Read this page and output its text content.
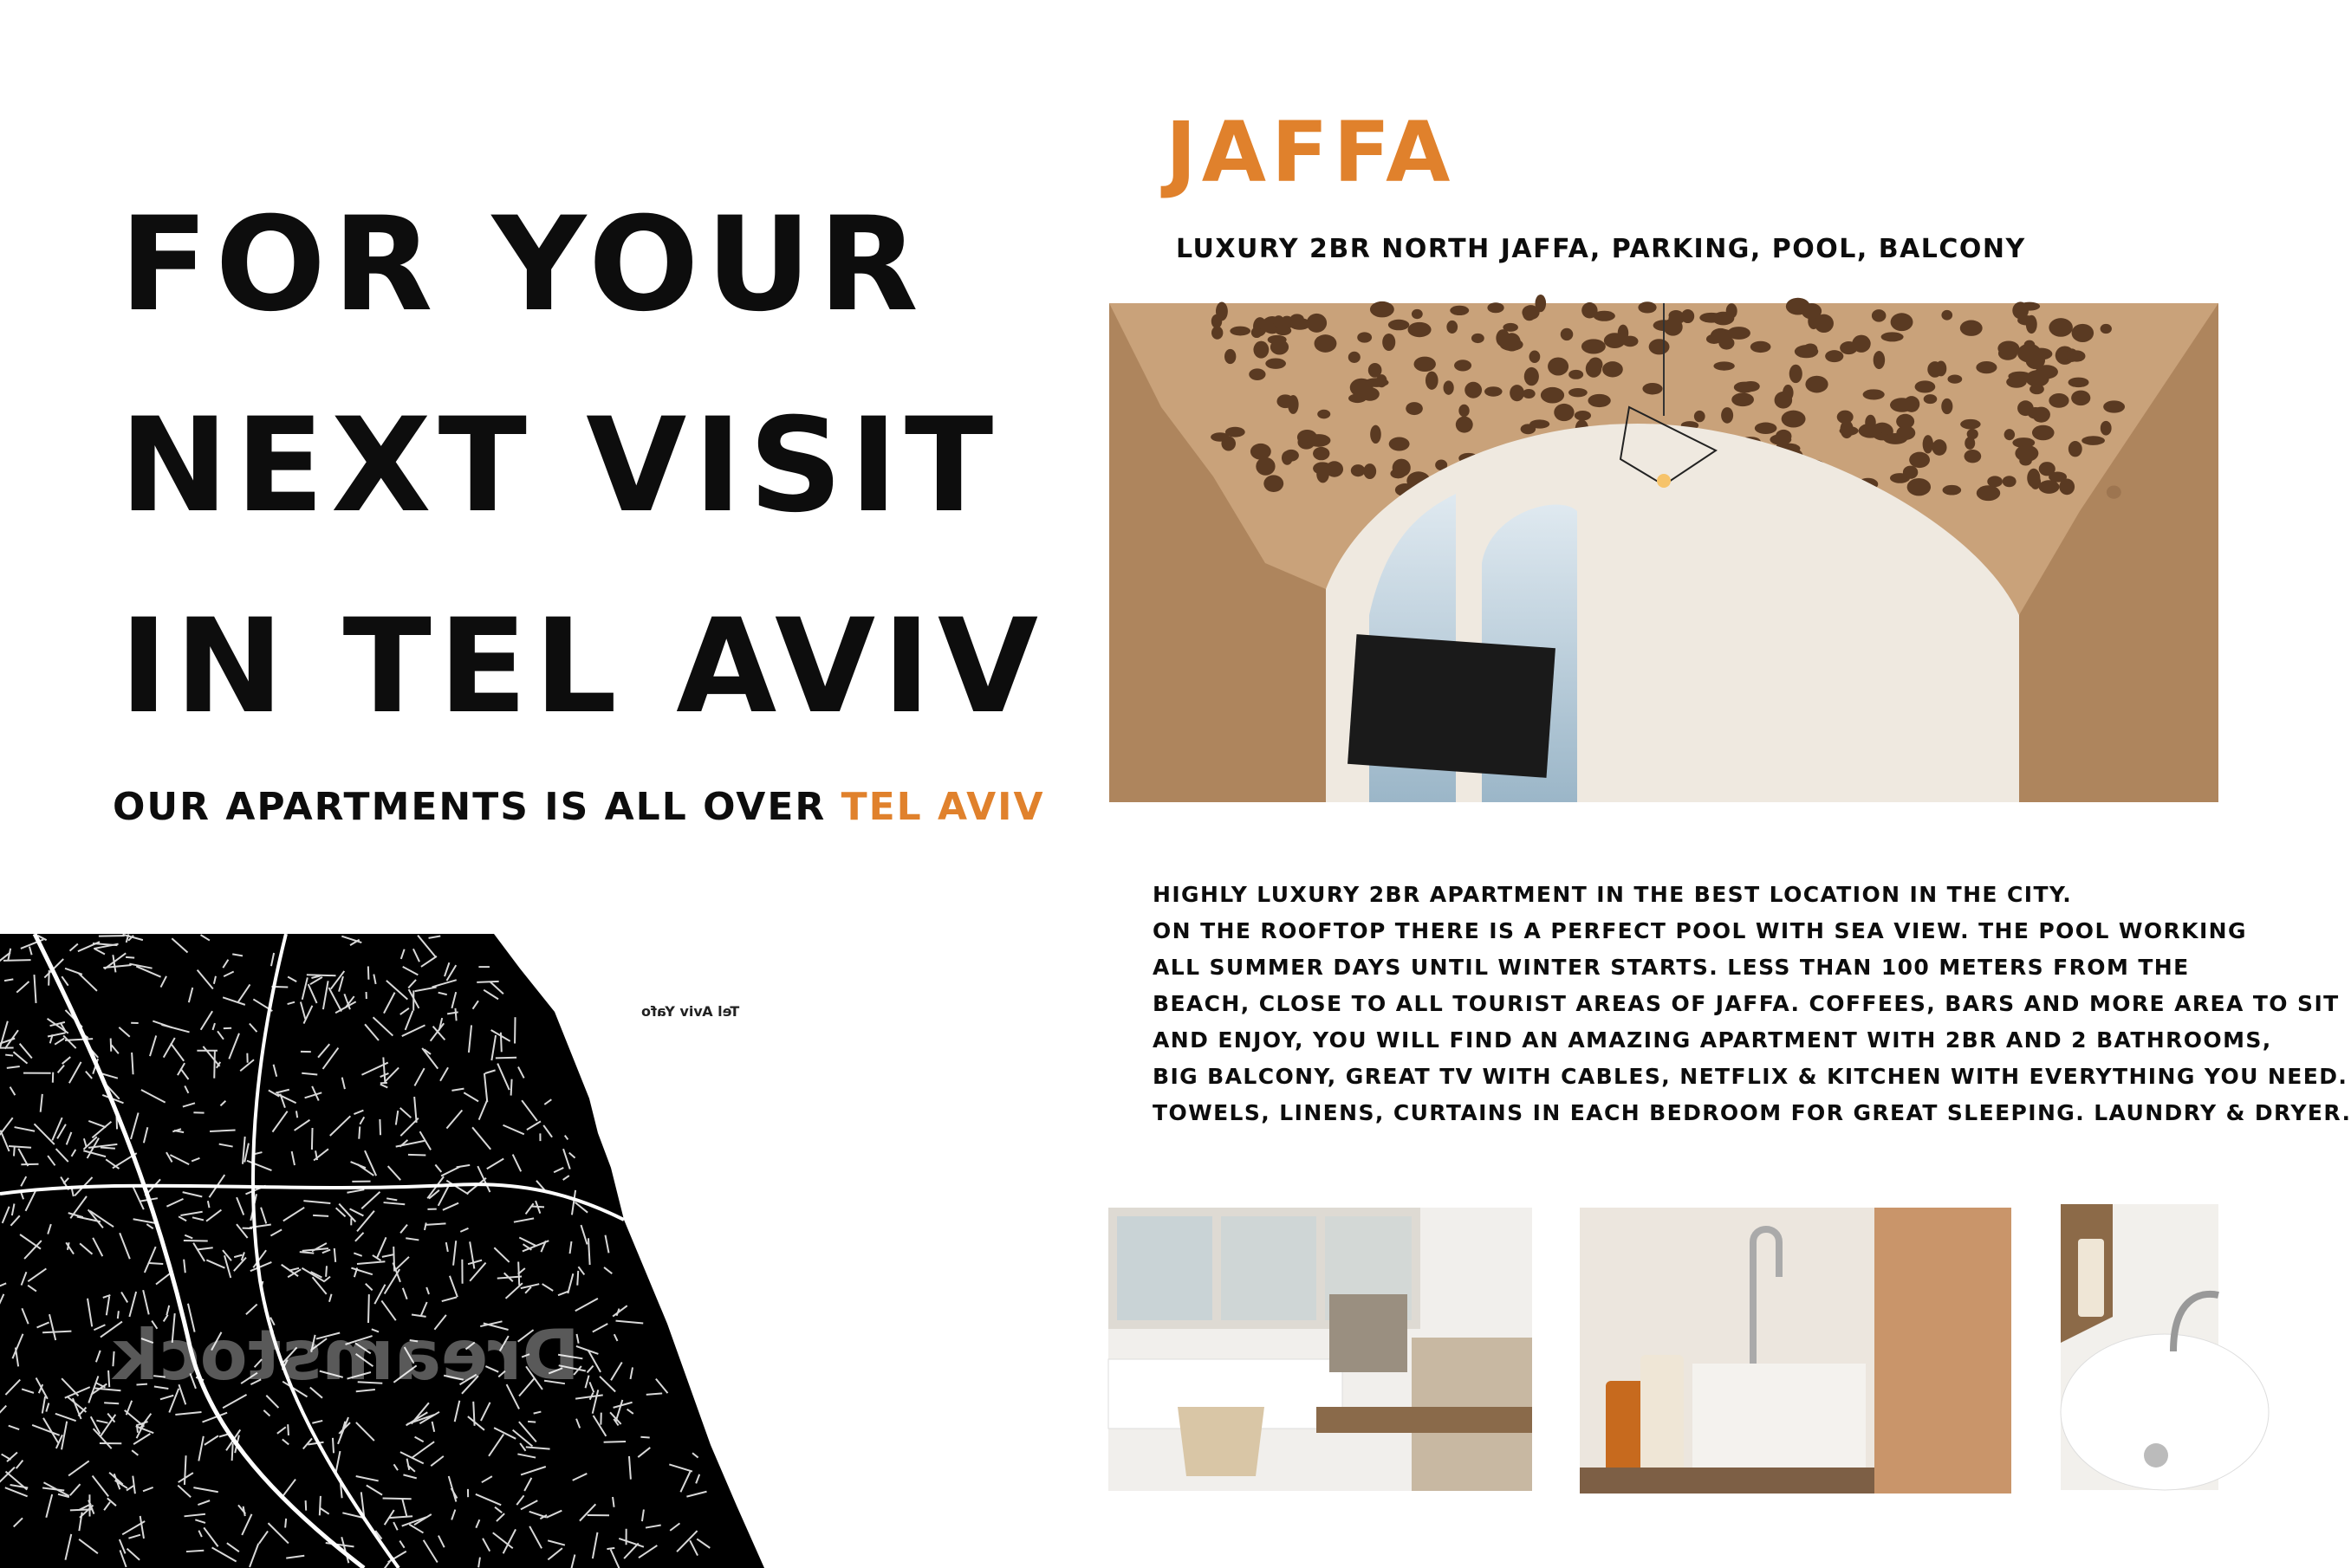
FOR YOUR
NEXT VISIT
IN TEL AVIV
OUR APARTMENTS IS ALL OVER TEL AVIV
Tel Aviv Yafo
Dreamstock
JAFFA
LUXURY 2BR NORTH JAFFA, PARKING, POOL, BALCONY
HIGHLY LUXURY 2BR APARTMENT IN THE BEST LOCATION IN THE CITY.
ON THE ROOFTOP THERE IS A PERFECT POOL WITH SEA VIEW. THE POOL WORKING
ALL SUMMER DAYS UNTIL WINTER STARTS. LESS THAN 100 METERS FROM THE
BEACH, CLOSE TO ALL TOURIST AREAS OF JAFFA. COFFEES, BARS AND MORE AREA TO SIT
AND ENJOY, YOU WILL FIND AN AMAZING APARTMENT WITH 2BR AND 2 BATHROOMS,
BIG BALCONY, GREAT TV WITH CABLES, NETFLIX & KITCHEN WITH EVERYTHING YOU NEED.
TOWELS, LINENS, CURTAINS IN EACH BEDROOM FOR GREAT SLEEPING. LAUNDRY & DRYER.
